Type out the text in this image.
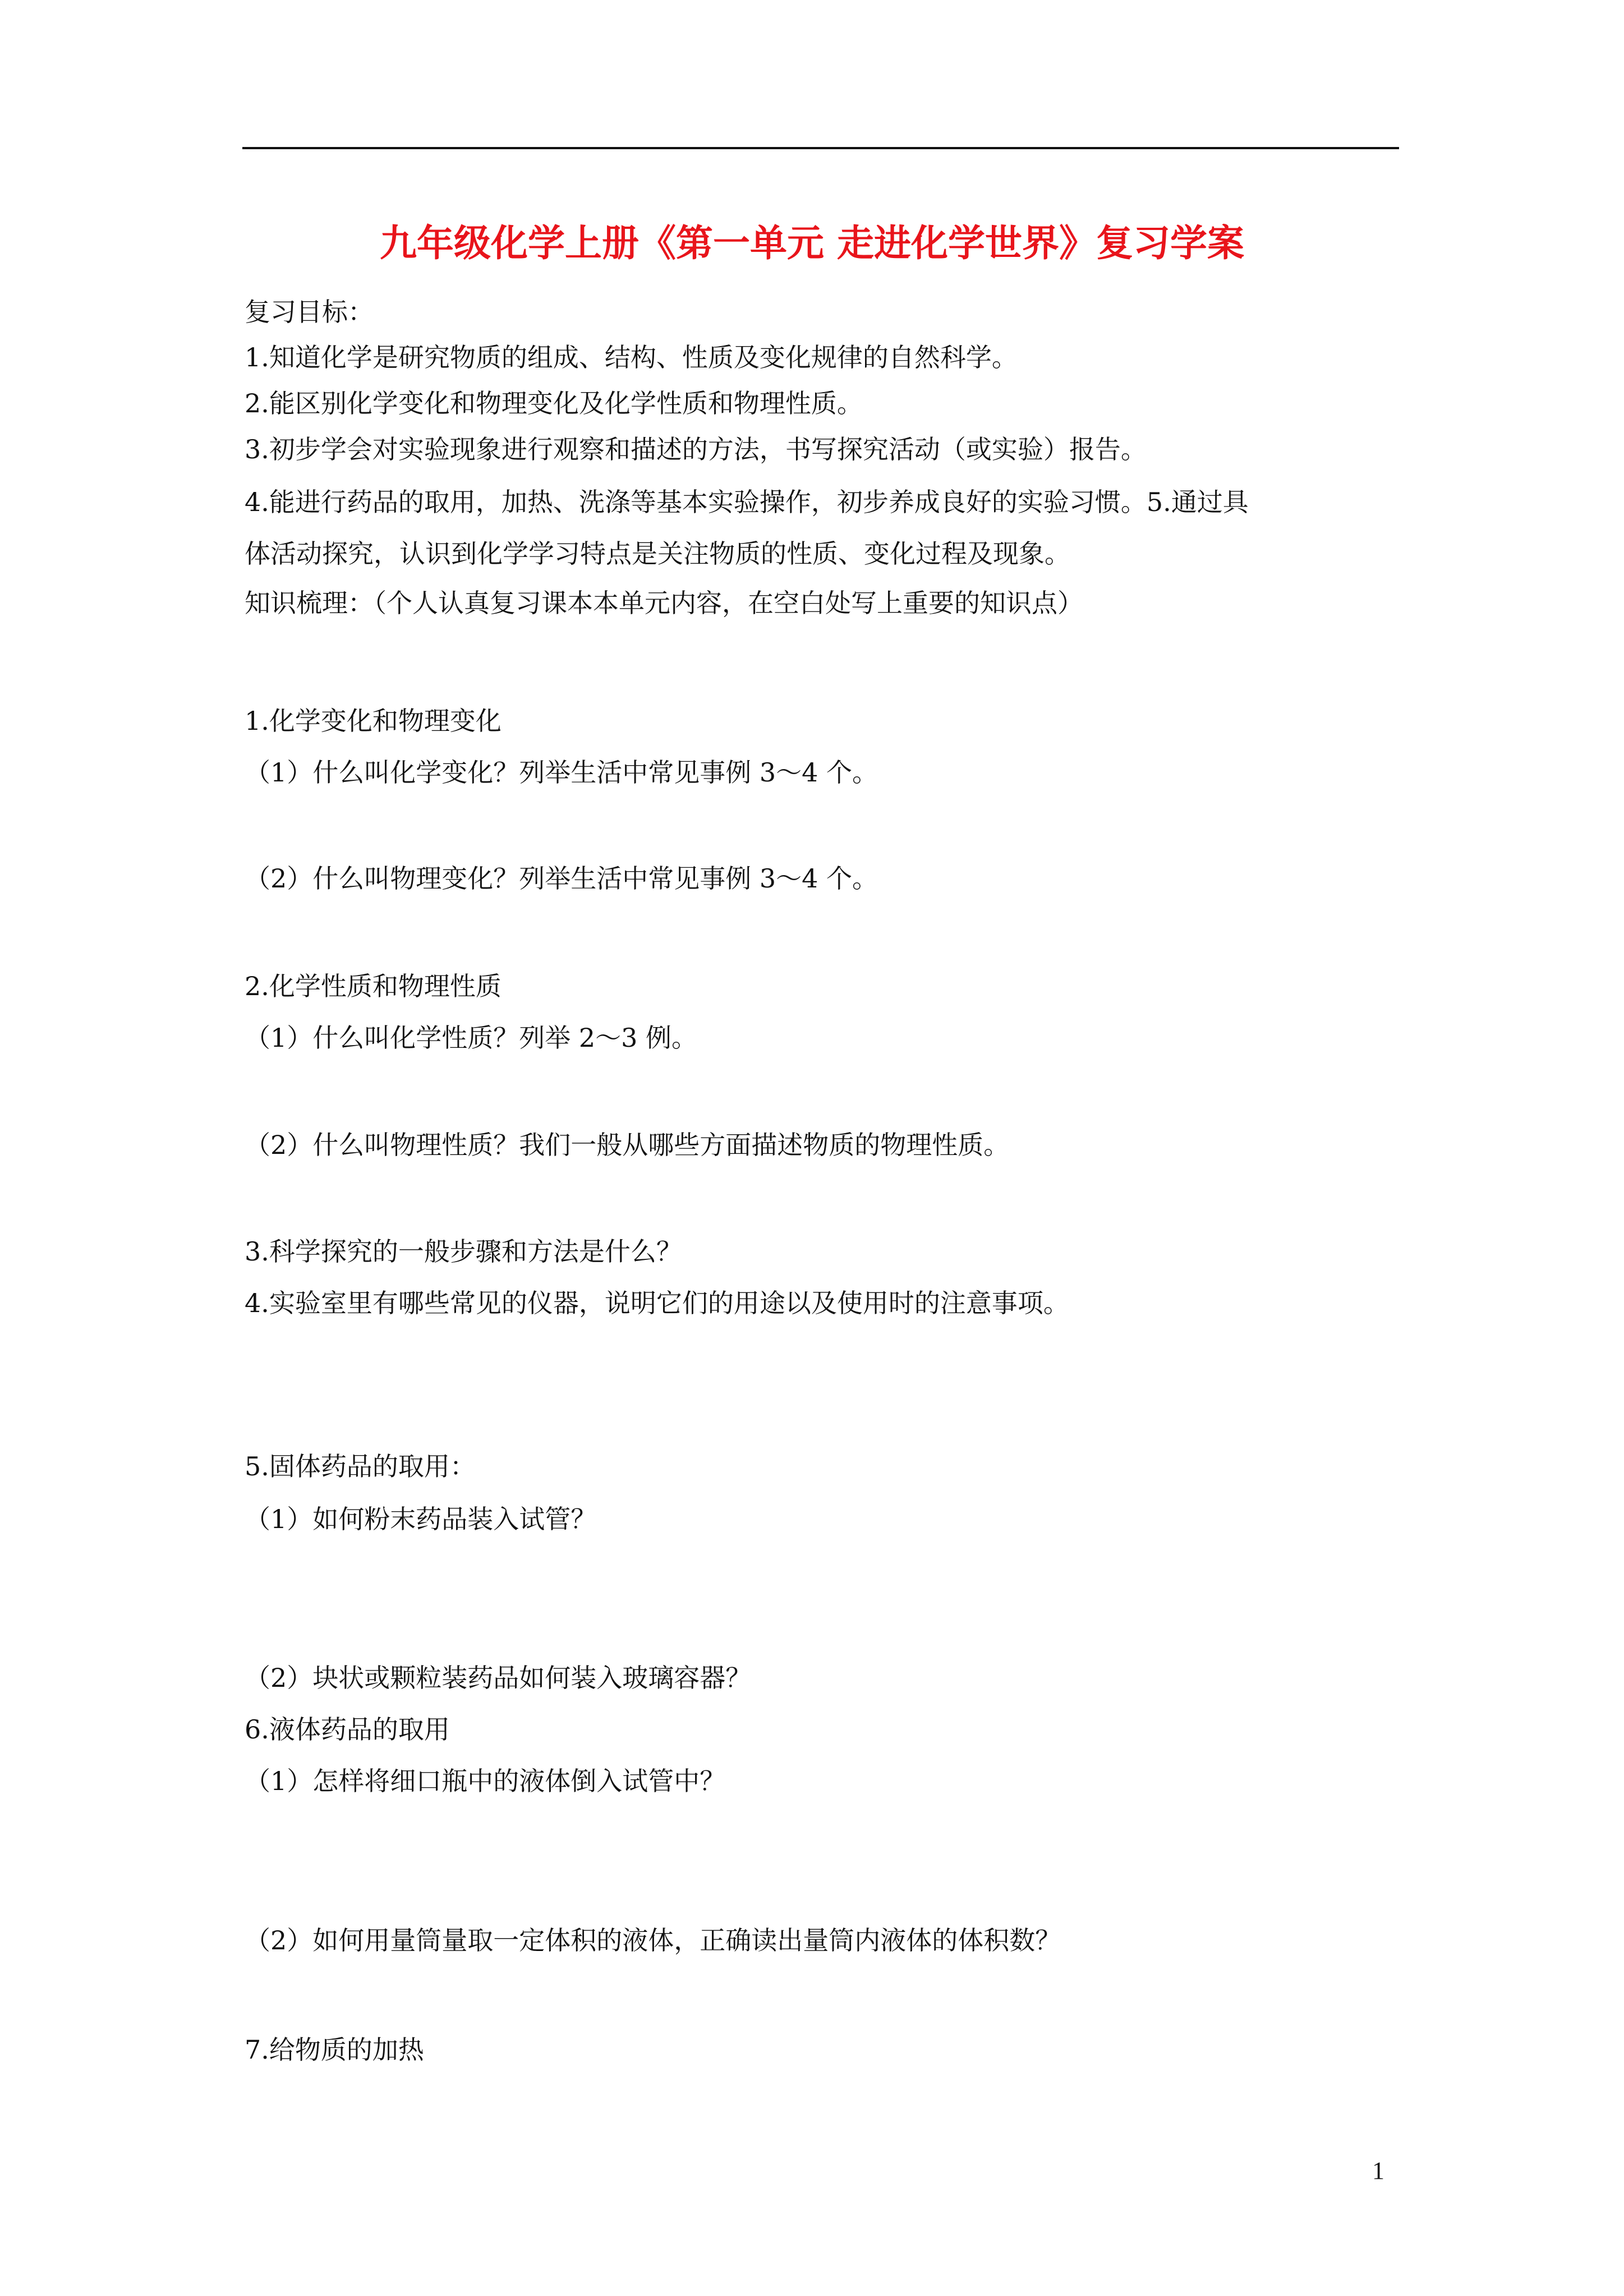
九年级化学上册《第一单元 走进化学世界》复习学案
复习目标：
1.知道化学是研究物质的组成、结构、性质及变化规律的自然科学。
2.能区别化学变化和物理变化及化学性质和物理性质。
3.初步学会对实验现象进行观察和描述的方法，书写探究活动（或实验）报告。
4.能进行药品的取用，加热、洗涤等基本实验操作，初步养成良好的实验习惯。5.通过具
体活动探究，认识到化学学习特点是关注物质的性质、变化过程及现象。
知识梳理：（个人认真复习课本本单元内容，在空白处写上重要的知识点）
1.化学变化和物理变化
（1）什么叫化学变化？列举生活中常见事例 3～4 个。
（2）什么叫物理变化？列举生活中常见事例 3～4 个。
2.化学性质和物理性质
（1）什么叫化学性质？列举 2～3 例。
（2）什么叫物理性质？我们一般从哪些方面描述物质的物理性质。
3.科学探究的一般步骤和方法是什么？
4.实验室里有哪些常见的仪器，说明它们的用途以及使用时的注意事项。
5.固体药品的取用：
（1）如何粉末药品装入试管？
（2）块状或颗粒装药品如何装入玻璃容器？
6.液体药品的取用
（1）怎样将细口瓶中的液体倒入试管中？
（2）如何用量筒量取一定体积的液体，正确读出量筒内液体的体积数？
7.给物质的加热
1
